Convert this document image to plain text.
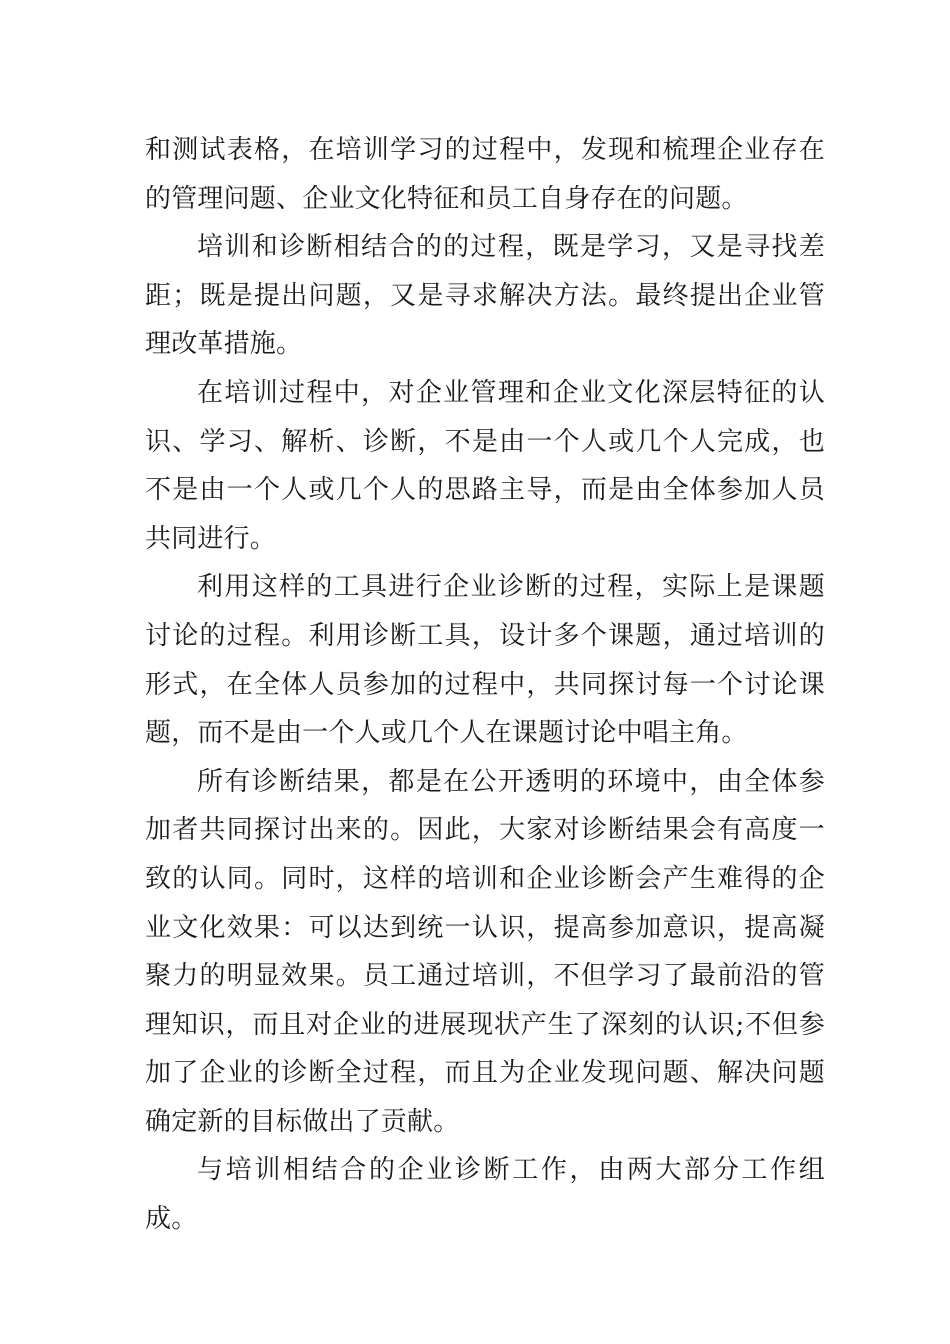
和测试表格，在培训学习的过程中，发现和梳理企业存在的管理问题、企业文化特征和员工自身存在的问题。

培训和诊断相结合的的过程，既是学习，又是寻找差距；既是提出问题，又是寻求解决方法。最终提出企业管理改革措施。

在培训过程中，对企业管理和企业文化深层特征的认识、学习、解析、诊断，不是由一个人或几个人完成，也不是由一个人或几个人的思路主导，而是由全体参加人员共同进行。

利用这样的工具进行企业诊断的过程，实际上是课题讨论的过程。利用诊断工具，设计多个课题，通过培训的形式，在全体人员参加的过程中，共同探讨每一个讨论课题，而不是由一个人或几个人在课题讨论中唱主角。

所有诊断结果，都是在公开透明的环境中，由全体参加者共同探讨出来的。因此，大家对诊断结果会有高度一致的认同。同时，这样的培训和企业诊断会产生难得的企业文化效果：可以达到统一认识，提高参加意识，提高凝聚力的明显效果。员工通过培训，不但学习了最前沿的管理知识，而且对企业的进展现状产生了深刻的认识;不但参加了企业的诊断全过程，而且为企业发现问题、解决问题确定新的目标做出了贡献。

与培训相结合的企业诊断工作，由两大部分工作组成。
